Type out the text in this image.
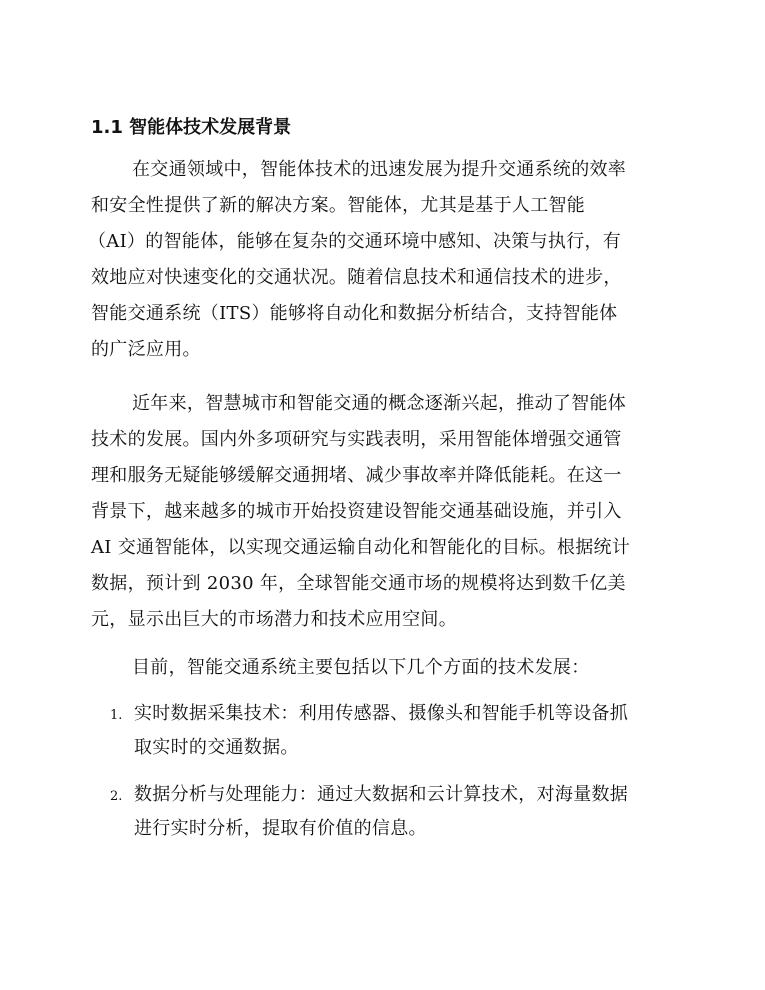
1.1 智能体技术发展背景
在交通领域中，智能体技术的迅速发展为提升交通系统的效率
和安全性提供了新的解决方案。智能体，尤其是基于人工智能
（AI）的智能体，能够在复杂的交通环境中感知、决策与执行，有
效地应对快速变化的交通状况。随着信息技术和通信技术的进步，
智能交通系统（ITS）能够将自动化和数据分析结合，支持智能体
的广泛应用。
近年来，智慧城市和智能交通的概念逐渐兴起，推动了智能体
技术的发展。国内外多项研究与实践表明，采用智能体增强交通管
理和服务无疑能够缓解交通拥堵、减少事故率并降低能耗。在这一
背景下，越来越多的城市开始投资建设智能交通基础设施，并引入
AI 交通智能体，以实现交通运输自动化和智能化的目标。根据统计
数据，预计到 2030 年，全球智能交通市场的规模将达到数千亿美
元，显示出巨大的市场潜力和技术应用空间。
目前，智能交通系统主要包括以下几个方面的技术发展：
1. 实时数据采集技术：利用传感器、摄像头和智能手机等设备抓
取实时的交通数据。
2. 数据分析与处理能力：通过大数据和云计算技术，对海量数据
进行实时分析，提取有价值的信息。
